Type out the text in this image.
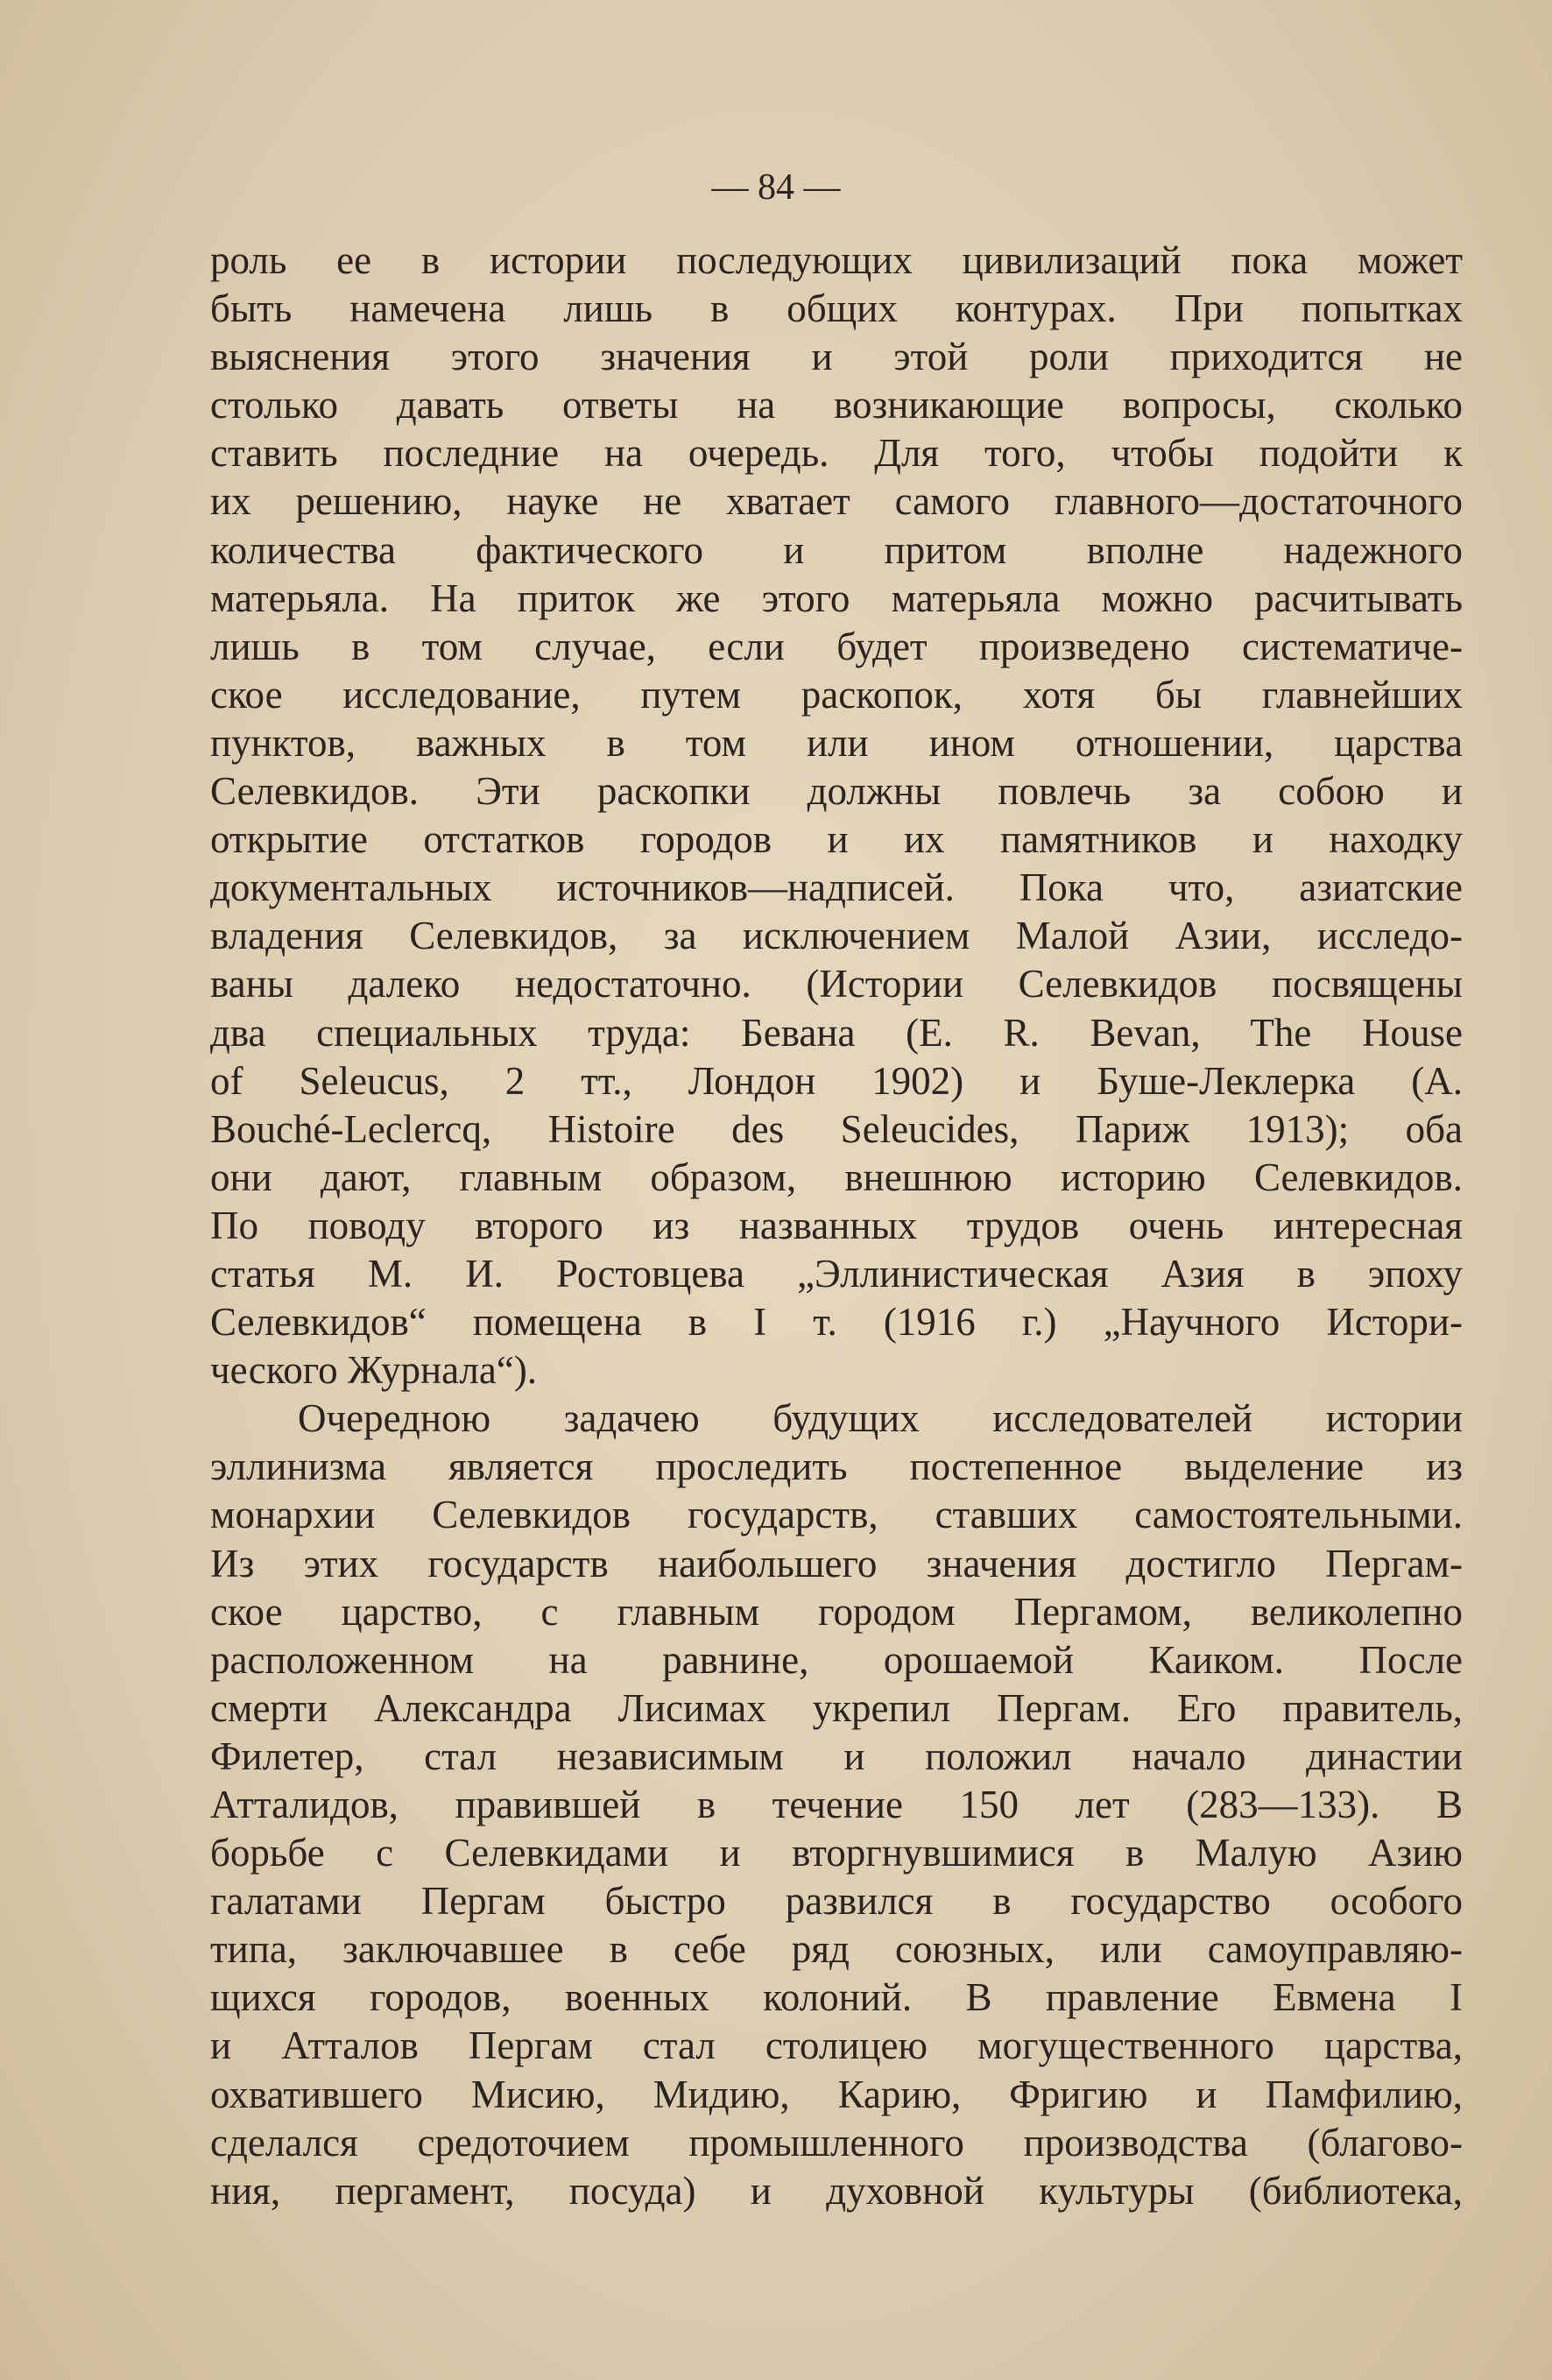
— 84 —
роль ее в истории последующих цивилизаций пока может
быть намечена лишь в общих контурах. При попытках
выяснения этого значения и этой роли приходится не
столько давать ответы на возникающие вопросы, сколько
ставить последние на очередь. Для того, чтобы подойти к
их решению, науке не хватает самого главного—достаточного
количества фактического и притом вполне надежного
матерьяла. На приток же этого матерьяла можно расчитывать
лишь в том случае, если будет произведено систематиче-
ское исследование, путем раскопок, хотя бы главнейших
пунктов, важных в том или ином отношении, царства
Селевкидов. Эти раскопки должны повлечь за собою и
открытие отстатков городов и их памятников и находку
документальных источников—надписей. Пока что, азиатские
владения Селевкидов, за исключением Малой Азии, исследо-
ваны далеко недостаточно. (Истории Селевкидов посвящены
два специальных труда: Бевана (E. R. Bevan, The House
of Seleucus, 2 тт., Лондон 1902) и Буше-Леклерка (A.
Bouché-Leclercq, Histoire des Seleucides, Париж 1913); оба
они дают, главным образом, внешнюю историю Селевкидов.
По поводу второго из названных трудов очень интересная
статья М. И. Ростовцева „Эллинистическая Азия в эпоху
Селевкидов“ помещена в I т. (1916 г.) „Научного Истори-
ческого Журнала“).
Очередною задачею будущих исследователей истории
эллинизма является проследить постепенное выделение из
монархии Селевкидов государств, ставших самостоятельными.
Из этих государств наибольшего значения достигло Пергам-
ское царство, с главным городом Пергамом, великолепно
расположенном на равнине, орошаемой Каиком. После
смерти Александра Лисимах укрепил Пергам. Его правитель,
Филетер, стал независимым и положил начало династии
Атталидов, правившей в течение 150 лет (283—133). В
борьбе с Селевкидами и вторгнувшимися в Малую Азию
галатами Пергам быстро развился в государство особого
типа, заключавшее в себе ряд союзных, или самоуправляю-
щихся городов, военных колоний. В правление Евмена I
и Атталов Пергам стал столицею могущественного царства,
охватившего Мисию, Мидию, Карию, Фригию и Памфилию,
сделался средоточием промышленного производства (благово-
ния, пергамент, посуда) и духовной культуры (библиотека,
